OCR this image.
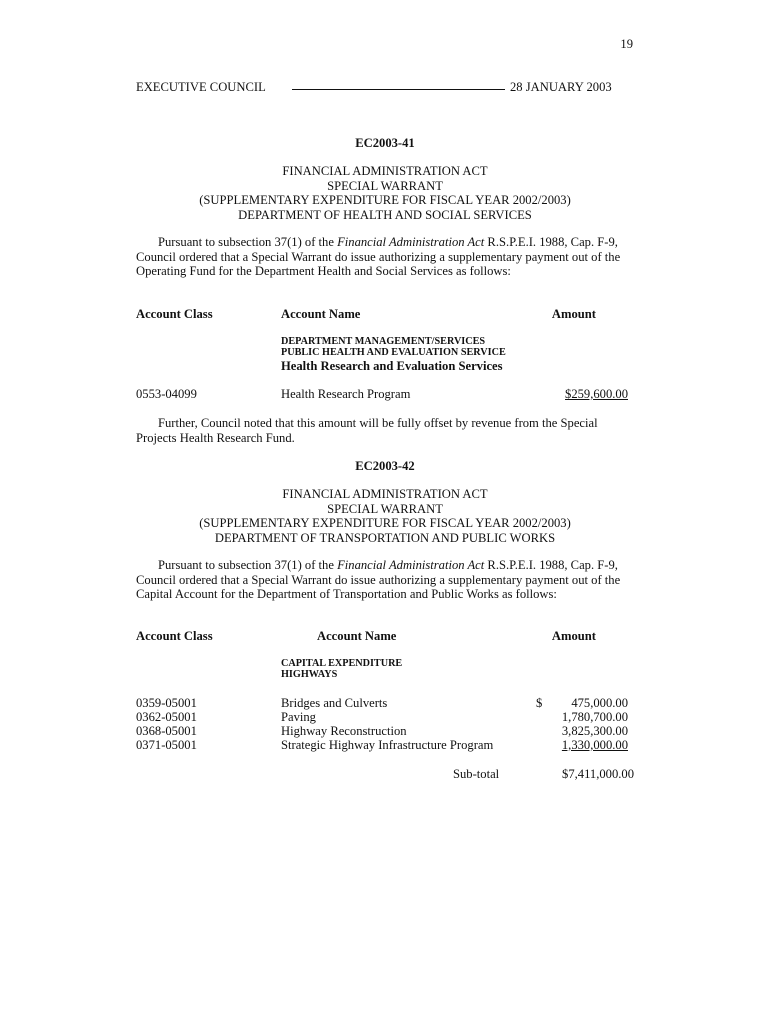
19
EXECUTIVE COUNCIL	28 JANUARY 2003
EC2003-41
FINANCIAL ADMINISTRATION ACT
SPECIAL WARRANT
(SUPPLEMENTARY EXPENDITURE FOR FISCAL YEAR 2002/2003)
DEPARTMENT OF HEALTH AND SOCIAL SERVICES
Pursuant to subsection 37(1) of the Financial Administration Act R.S.P.E.I. 1988, Cap. F-9, Council ordered that a Special Warrant do issue authorizing a supplementary payment out of the Operating Fund for the Department Health and Social Services as follows:
Account Class	Account Name	Amount
DEPARTMENT MANAGEMENT/SERVICES
PUBLIC HEALTH AND EVALUATION SERVICE
Health Research and Evaluation Services
0553-04099	Health Research Program	$259,600.00
Further, Council noted that this amount will be fully offset by revenue from the Special Projects Health Research Fund.
EC2003-42
FINANCIAL ADMINISTRATION ACT
SPECIAL WARRANT
(SUPPLEMENTARY EXPENDITURE FOR FISCAL YEAR 2002/2003)
DEPARTMENT OF TRANSPORTATION AND PUBLIC WORKS
Pursuant to subsection 37(1) of the Financial Administration Act R.S.P.E.I. 1988, Cap. F-9, Council ordered that a Special Warrant do issue authorizing a supplementary payment out of the Capital Account for the Department of Transportation and Public Works as follows:
Account Class	Account Name	Amount
CAPITAL EXPENDITURE
HIGHWAYS
0359-05001	Bridges and Culverts	$ 475,000.00
0362-05001	Paving	1,780,700.00
0368-05001	Highway Reconstruction	3,825,300.00
0371-05001	Strategic Highway Infrastructure Program	1,330,000.00
Sub-total	$7,411,000.00
